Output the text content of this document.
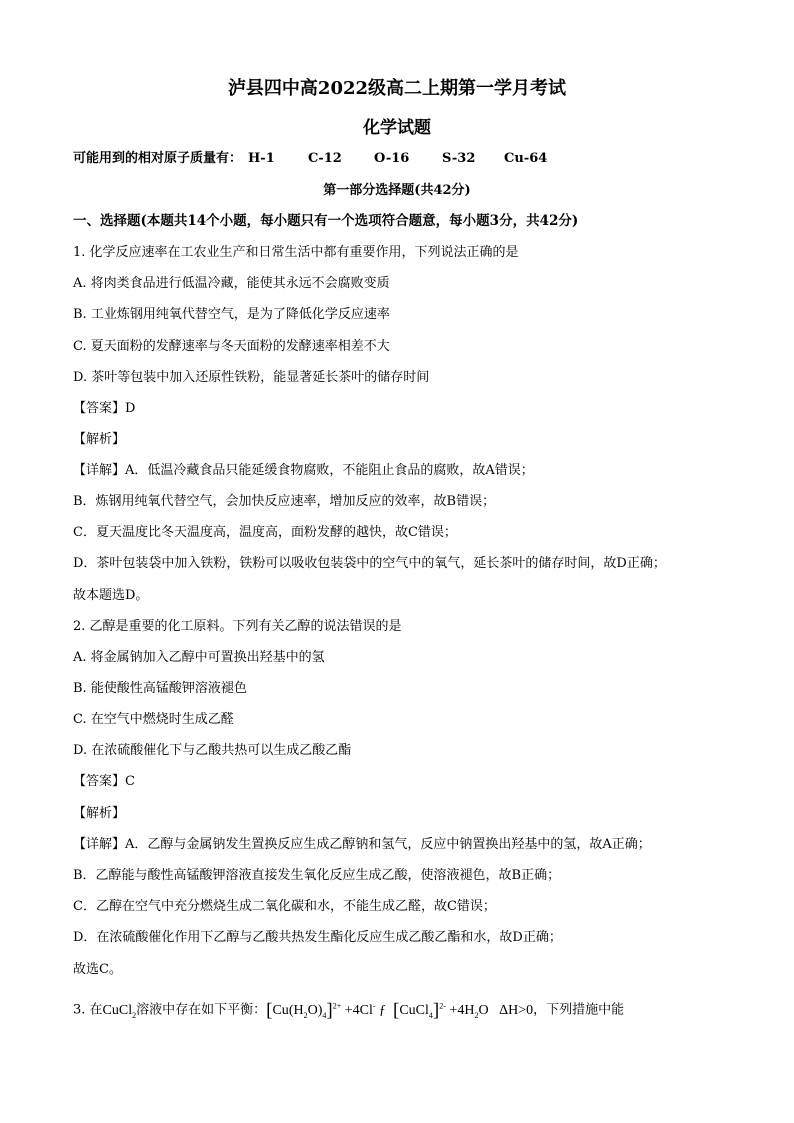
泸县四中高2022级高二上期第一学月考试
化学试题
可能用到的相对原子质量有： H-1	C-12 O-16	S-32 Cu-64
第一部分选择题(共42分)
一、选择题(本题共14个小题，每小题只有一个选项符合题意，每小题3分，共42分)
1. 化学反应速率在工农业生产和日常生活中都有重要作用，下列说法正确的是
A. 将肉类食品进行低温冷藏，能使其永远不会腐败变质
B. 工业炼钢用纯氧代替空气，是为了降低化学反应速率
C. 夏天面粉的发酵速率与冬天面粉的发酵速率相差不大
D. 茶叶等包装中加入还原性铁粉，能显著延长茶叶的储存时间
【答案】D
【解析】
【详解】A．低温冷藏食品只能延缓食物腐败，不能阻止食品的腐败，故A错误；
B．炼钢用纯氧代替空气，会加快反应速率，增加反应的效率，故B错误；
C．夏天温度比冬天温度高，温度高，面粉发酵的越快，故C错误；
D．茶叶包装袋中加入铁粉，铁粉可以吸收包装袋中的空气中的氧气，延长茶叶的储存时间，故D正确；
故本题选D。
2. 乙醇是重要的化工原料。下列有关乙醇的说法错误的是
A. 将金属钠加入乙醇中可置换出羟基中的氢
B. 能使酸性高锰酸钾溶液褪色
C. 在空气中燃烧时生成乙醛
D. 在浓硫酸催化下与乙酸共热可以生成乙酸乙酯
【答案】C
【解析】
【详解】A．乙醇与金属钠发生置换反应生成乙醇钠和氢气，反应中钠置换出羟基中的氢，故A正确；
B．乙醇能与酸性高锰酸钾溶液直接发生氧化反应生成乙酸，使溶液褪色，故B正确；
C．乙醇在空气中充分燃烧生成二氧化碳和水，不能生成乙醛，故C错误；
D．在浓硫酸催化作用下乙醇与乙酸共热发生酯化反应生成乙酸乙酯和水，故D正确；
故选C。
3. 在CuCl$_2$溶液中存在如下平衡：$[Cu(H_2O)_4]^{2+} +4Cl^-$ ƒ [CuCl$_4$]$^{2-}$ $+4H_2O$ ΔH>0，下列措施中能
